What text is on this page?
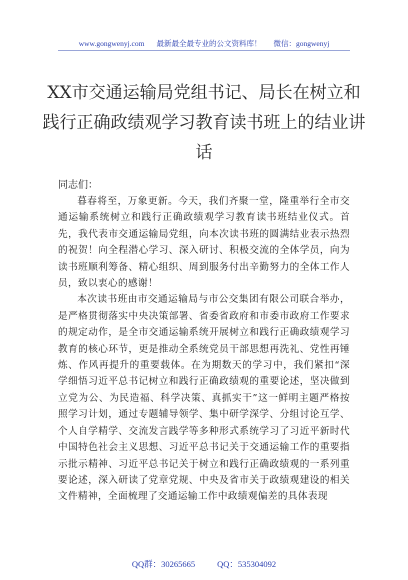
www.gongwenyj.com 最新最全最专业的公文资料库！ 微信：gongwenyj
XX市交通运输局党组书记、局长在树立和践行正确政绩观学习教育读书班上的结业讲话
同志们：

暮春将至，万象更新。今天，我们齐聚一堂，隆重举行全市交通运输系统树立和践行正确政绩观学习教育读书班结业仪式。首先，我代表市交通运输局党组，向本次读书班的圆满结业表示热烈的祝贺！向全程潜心学习、深入研讨、积极交流的全体学员，向为读书班顺利筹备、精心组织、周到服务付出辛勤努力的全体工作人员，致以衷心的感谢！

本次读书班由市交通运输局与市公交集团有限公司联合举办，是严格贯彻落实中央决策部署、省委省政府和市委市政府工作要求的规定动作，是全市交通运输系统开展树立和践行正确政绩观学习教育的核心环节，更是推动全系统党员干部思想再洗礼、党性再锤炼、作风再提升的重要载体。在为期数天的学习中，我们紧扣“深学细悟习近平总书记树立和践行正确政绩观的重要论述，坚决做到立党为公、为民造福、科学决策、真抓实干”这一鲜明主题严格按照学习计划，通过专题辅导领学、集中研学深学、分组讨论互学、个人自学精学、交流发言践学等多种形式系统学习了习近平新时代中国特色社会主义思想、习近平总书记关于交通运输工作的重要指示批示精神、习近平总书记关于树立和践行正确政绩观的一系列重要论述，深入研读了党章党规、中央及省市关于政绩观建设的相关文件精神，全面梳理了交通运输工作中政绩观偏差的具体表现

QQ群：30265665	QQ：535304092
